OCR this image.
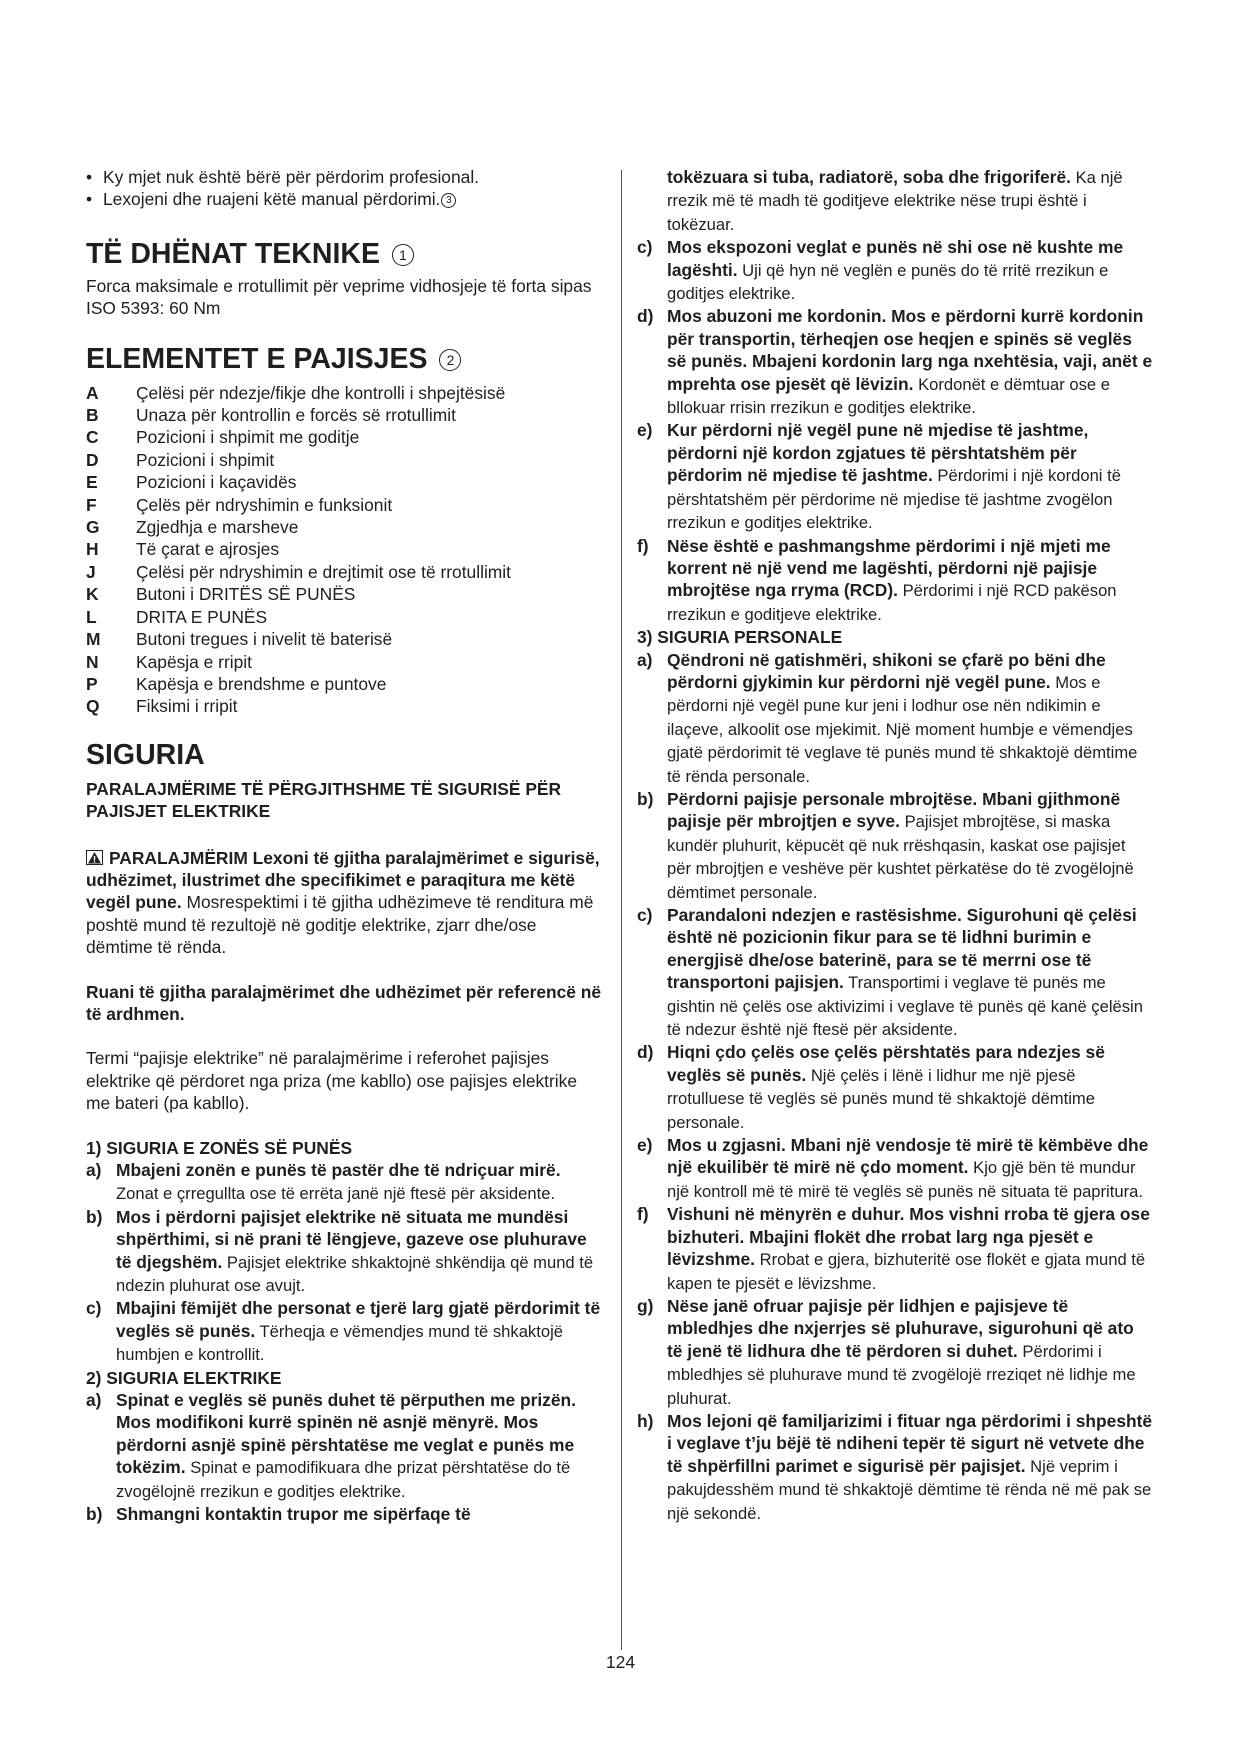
• Ky mjet nuk është bërë për përdorim profesional.
• Lexojeni dhe ruajeni këtë manual përdorimi. 3
TË DHËNAT TEKNIKE 1

Forca maksimale e rrotullimit për veprime vidhosjeje të forta sipas ISO 5393: 60 Nm

ELEMENTET E PAJISJES 2
A	Çelësi për ndezje/fikje dhe kontrolli i shpejtësisë
B	Unaza për kontrollin e forcës së rrotullimit
C	Pozicioni i shpimit me goditje
D	Pozicioni i shpimit
E	Pozicioni i kaçavidës
F	Çelës për ndryshimin e funksionit
G	Zgjedhja e marsheve
H	Të çarat e ajrosjes
J	Çelësi për ndryshimin e drejtimit ose të rrotullimit
K	Butoni i DRITËS SË PUNËS
L	DRITA E PUNËS
M	Butoni tregues i nivelit të baterisë
N	Kapësja e rripit
P	Kapësja e brendshme e puntove
Q	Fiksimi i rripit
SIGURIA

PARALAJMËRIME TË PËRGJITHSHME TË SIGURISË PËR PAJISJET ELEKTRIKE

PARALAJMËRIM Lexoni të gjitha paralajmërimet e sigurisë, udhëzimet, ilustrimet dhe specifikimet e paraqitura me këtë vegël pune. Mosrespektimi i të gjitha udhëzimeve të renditura më poshtë mund të rezultojë në goditje elektrike, zjarr dhe/ose dëmtime të rënda.

Ruani të gjitha paralajmërimet dhe udhëzimet për referencë në të ardhmen.

Termi “pajisje elektrike” në paralajmërime i referohet pajisjes elektrike që përdoret nga priza (me kabllo) ose pajisjes elektrike me bateri (pa kabllo).

1) SIGURIA E ZONËS SË PUNËS

a) Mbajeni zonën e punës të pastër dhe të ndriçuar mirë. Zonat e çrregullta ose të errëta janë një ftesë për aksidente.
b) Mos i përdorni pajisjet elektrike në situata me mundësi shpërthimi, si në prani të lëngjeve, gazeve ose pluhurave të djegshëm. Pajisjet elektrike shkaktojnë shkëndija që mund të ndezin pluhurat ose avujt.
c) Mbajini fëmijët dhe personat e tjerë larg gjatë përdorimit të veglës së punës. Tërheqja e vëmendjes mund të shkaktojë humbjen e kontrollit.

2) SIGURIA ELEKTRIKE

a) Spinat e veglës së punës duhet të përputhen me prizën. Mos modifikoni kurrë spinën në asnjë mënyrë. Mos përdorni asnjë spinë përshtatëse me veglat e punës me tokëzim. Spinat e pamodifikuara dhe prizat përshtatëse do të zvogëlojnë rrezikun e goditjes elektrike.
b) Shmangni kontaktin trupor me sipërfaqe të
tokëzuara si tuba, radiatorë, soba dhe frigoriferë. Ka një rrezik më të madh të goditjeve elektrike nëse trupi është i tokëzuar.
c) Mos ekspozoni veglat e punës në shi ose në kushte me lagështi. Uji që hyn në veglën e punës do të rritë rrezikun e goditjes elektrike.
d) Mos abuzoni me kordonin. Mos e përdorni kurrë kordonin për transportin, tërheqjen ose heqjen e spinës së veglës së punës. Mbajeni kordonin larg nga nxehtësia, vaji, anët e mprehta ose pjesët që lëvizin. Kordonët e dëmtuar ose e bllokuar rrisin rrezikun e goditjes elektrike.
e) Kur përdorni një vegël pune në mjedise të jashtme, përdorni një kordon zgjatues të përshtatshëm për përdorim në mjedise të jashtme. Përdorimi i një kordoni të përshtatshëm për përdorime në mjedise të jashtme zvogëlon rrezikun e goditjes elektrike.
f)	Nëse është e pashmangshme përdorimi i një mjeti me korrent në një vend me lagështi, përdorni një pajisje mbrojtëse nga rryma (RCD). Përdorimi i një RCD pakëson rrezikun e goditjeve elektrike.

3) SIGURIA PERSONALE

a) Qëndroni në gatishmëri, shikoni se çfarë po bëni dhe përdorni gjykimin kur përdorni një vegël pune. Mos e përdorni një vegël pune kur jeni i lodhur ose nën ndikimin e ilaçeve, alkoolit ose mjekimit. Një moment humbje e vëmendjes gjatë përdorimit të veglave të punës mund të shkaktojë dëmtime të rënda personale.
b) Përdorni pajisje personale mbrojtëse. Mbani gjithmonë pajisje për mbrojtjen e syve. Pajisjet mbrojtëse, si maska kundër pluhurit, këpucët që nuk rrëshqasin, kaskat ose pajisjet për mbrojtjen e veshëve për kushtet përkatëse do të zvogëlojnë dëmtimet personale.
c) Parandaloni ndezjen e rastësishme. Sigurohuni që çelësi është në pozicionin fikur para se të lidhni burimin e energjisë dhe/ose baterinë, para se të merrni ose të transportoni pajisjen. Transportimi i veglave të punës me gishtin në çelës ose aktivizimi i veglave të punës që kanë çelësin të ndezur është një ftesë për aksidente.
d) Hiqni çdo çelës ose çelës përshtatës para ndezjes së veglës së punës. Një çelës i lënë i lidhur me një pjesë rrotulluese të veglës së punës mund të shkaktojë dëmtime personale.
e) Mos u zgjasni. Mbani një vendosje të mirë të këmbëve dhe një ekuilibër të mirë në çdo moment. Kjo gjë bën të mundur një kontroll më të mirë të veglës së punës në situata të papritura.
f)	Vishuni në mënyrën e duhur. Mos vishni rroba të gjera ose bizhuteri. Mbajini flokët dhe rrobat larg nga pjesët e lëvizshme. Rrobat e gjera, bizhuteritë ose flokët e gjata mund të kapen te pjesët e lëvizshme.
g) Nëse janë ofruar pajisje për lidhjen e pajisjeve të mbledhjes dhe nxjerrjes së pluhurave, sigurohuni që ato të jenë të lidhura dhe të përdoren si duhet. Përdorimi i mbledhjes së pluhurave mund të zvogëlojë rreziqet në lidhje me pluhurat.
h) Mos lejoni që familjarizimi i fituar nga përdorimi i shpeshtë i veglave t’ju bëjë të ndiheni tepër të sigurt në vetvete dhe të shpërfillni parimet e sigurisë për pajisjet. Një veprim i pakujdesshëm mund të shkaktojë dëmtime të rënda në më pak se një sekondë.
124
